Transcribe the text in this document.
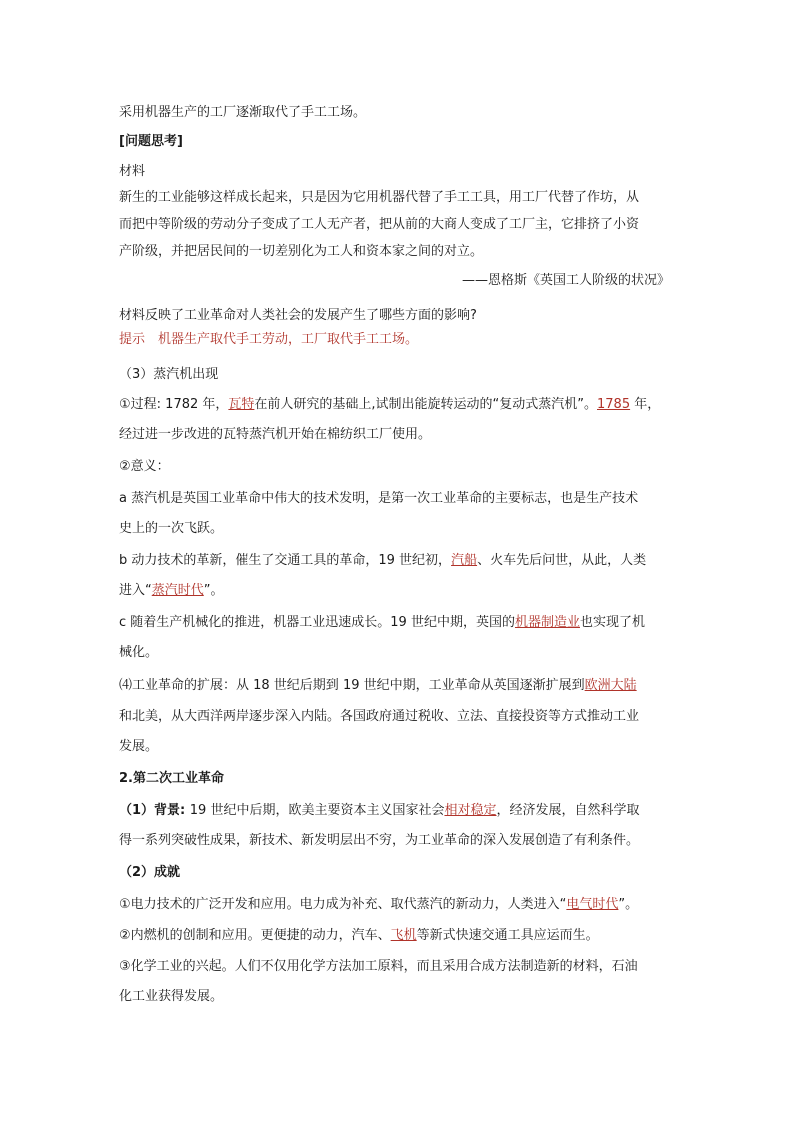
采用机器生产的工厂逐渐取代了手工工场。
[问题思考]
材料
新生的工业能够这样成长起来，只是因为它用机器代替了手工工具，用工厂代替了作坊，从
而把中等阶级的劳动分子变成了工人无产者，把从前的大商人变成了工厂主，它排挤了小资
产阶级，并把居民间的一切差别化为工人和资本家之间的对立。
——恩格斯《英国工人阶级的状况》
材料反映了工业革命对人类社会的发展产生了哪些方面的影响?
提示　机器生产取代手工劳动，工厂取代手工工场。
（3）蒸汽机出现
①过程: 1782 年，瓦特在前人研究的基础上,试制出能旋转运动的“复动式蒸汽机”。1785 年，
经过进一步改进的瓦特蒸汽机开始在棉纺织工厂使用。
②意义：
a 蒸汽机是英国工业革命中伟大的技术发明，是第一次工业革命的主要标志，也是生产技术
史上的一次飞跃。
b 动力技术的革新，催生了交通工具的革命，19 世纪初，汽船、火车先后问世，从此，人类
进入“蒸汽时代”。
c 随着生产机械化的推进，机器工业迅速成长。19 世纪中期，英国的机器制造业也实现了机
械化。
⑷工业革命的扩展：从 18 世纪后期到 19 世纪中期，工业革命从英国逐渐扩展到欧洲大陆
和北美，从大西洋两岸逐步深入内陆。各国政府通过税收、立法、直接投资等方式推动工业
发展。
2.第二次工业革命
（1）背景: 19 世纪中后期，欧美主要资本主义国家社会相对稳定，经济发展，自然科学取
得一系列突破性成果，新技术、新发明层出不穷，为工业革命的深入发展创造了有利条件。
（2）成就
①电力技术的广泛开发和应用。电力成为补充、取代蒸汽的新动力，人类进入“电气时代”。
②内燃机的创制和应用。更便捷的动力，汽车、飞机等新式快速交通工具应运而生。
③化学工业的兴起。人们不仅用化学方法加工原料，而且采用合成方法制造新的材料，石油
化工业获得发展。
